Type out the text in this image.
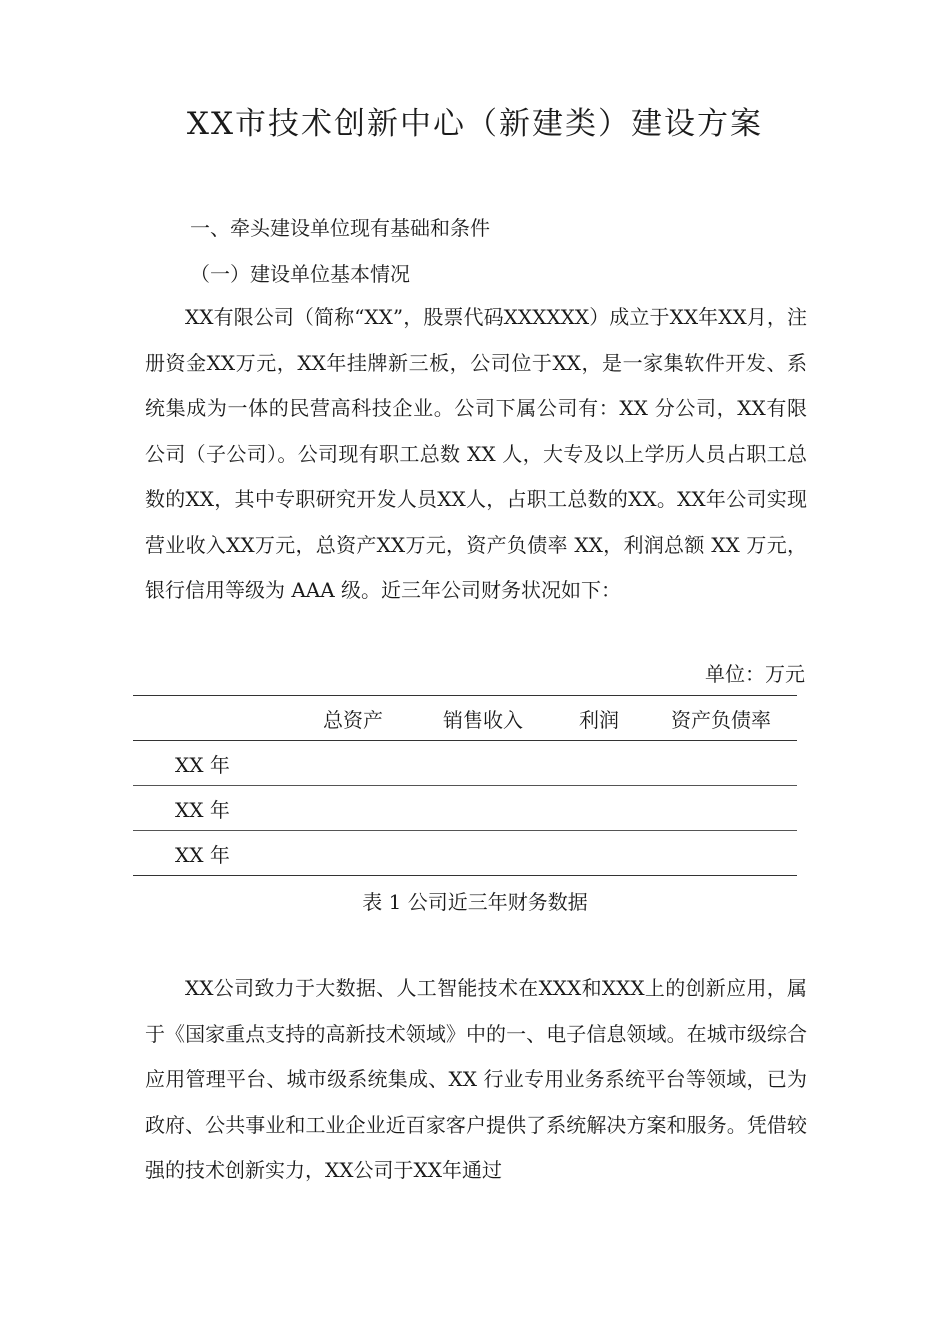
XX市技术创新中心（新建类）建设方案
一、牵头建设单位现有基础和条件
（一）建设单位基本情况

XX有限公司（简称“XX”，股票代码XXXXXX）成立于XX年XX月，注册资金XX万元，XX年挂牌新三板，公司位于XX，是一家集软件开发、系统集成为一体的民营高科技企业。公司下属公司有：XX 分公司，XX有限公司（子公司）。公司现有职工总数 XX 人，大专及以上学历人员占职工总数的XX，其中专职研究开发人员XX人，占职工总数的XX。XX年公司实现营业收入XX万元，总资产XX万元，资产负债率 XX，利润总额 XX 万元， 银行信用等级为 AAA 级。近三年公司财务状况如下：

单位：万元
	总资产	销售收入	利润	资产负债率
XX 年				
XX 年				
XX 年				
表 1 公司近三年财务数据

XX公司致力于大数据、人工智能技术在XXX和XXX上的创新应用，属于《国家重点支持的高新技术领域》中的一、电子信息领域。在城市级综合应用管理平台、城市级系统集成、XX 行业专用业务系统平台等领域，已为政府、公共事业和工业企业近百家客户提供了系统解决方案和服务。凭借较强的技术创新实力，XX公司于XX年通过
